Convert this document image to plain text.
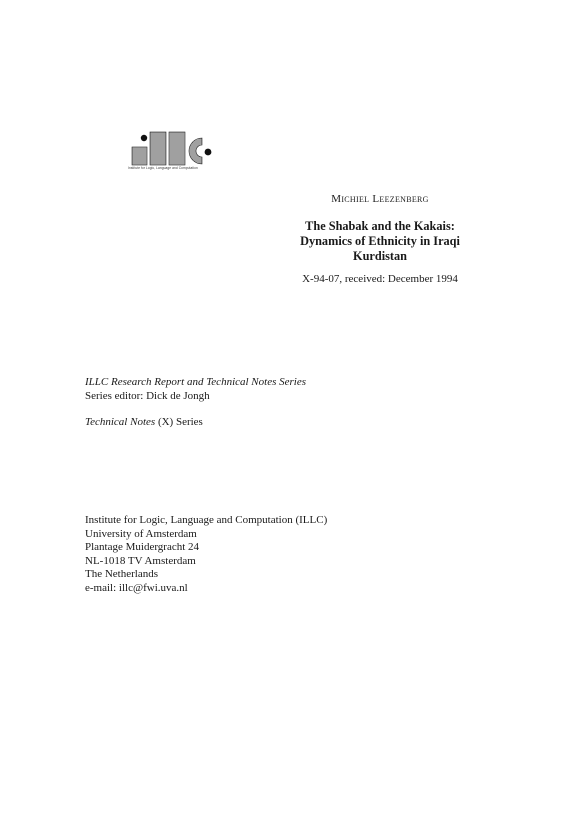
Institute for Logic, Language and Computation
Michiel Leezenberg
The Shabak and the Kakais:
Dynamics of Ethnicity in Iraqi
Kurdistan
X-94-07, received: December 1994
ILLC Research Report and Technical Notes Series
Series editor: Dick de Jongh
Technical Notes (X) Series
Institute for Logic, Language and Computation (ILLC)
University of Amsterdam
Plantage Muidergracht 24
NL-1018 TV Amsterdam
The Netherlands
e-mail: illc@fwi.uva.nl
